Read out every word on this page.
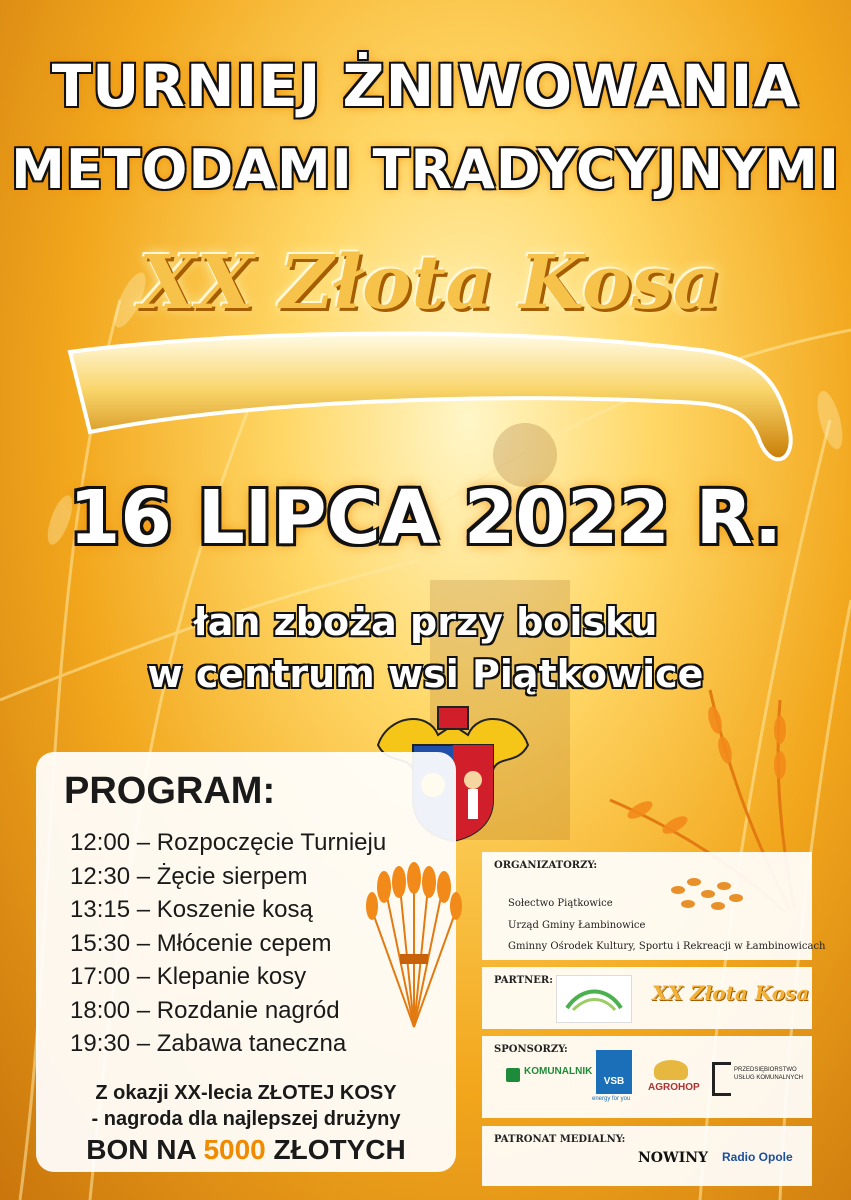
TURNIEJ ŻNIWOWANIA
METODAMI TRADYCYJNYMI
XX Złota Kosa
16 LIPCA 2022 R.
łan zboża przy boisku
w centrum wsi Piątkowice
PROGRAM:
12:00 – Rozpoczęcie Turnieju
12:30 – Żęcie sierpem
13:15 – Koszenie kosą
15:30 – Młócenie cepem
17:00 – Klepanie kosy
18:00 – Rozdanie nagród
19:30 – Zabawa taneczna
Z okazji XX-lecia ZŁOTEJ KOSY
- nagroda dla najlepszej drużyny
BON NA 5000 ZŁOTYCH
ORGANIZATORZY:
Sołectwo Piątkowice
Urząd Gminy Łambinowice
Gminny Ośrodek Kultury, Sportu i Rekreacji w Łambinowicach
PARTNER:
XX Złota Kosa
SPONSORZY:
KOMUNALNIK
VSB
energy for you
AGROHOP
PRZEDSIĘBIORSTWO USŁUG KOMUNALNYCH
PATRONAT MEDIALNY:
NOWINY Radio Opole
